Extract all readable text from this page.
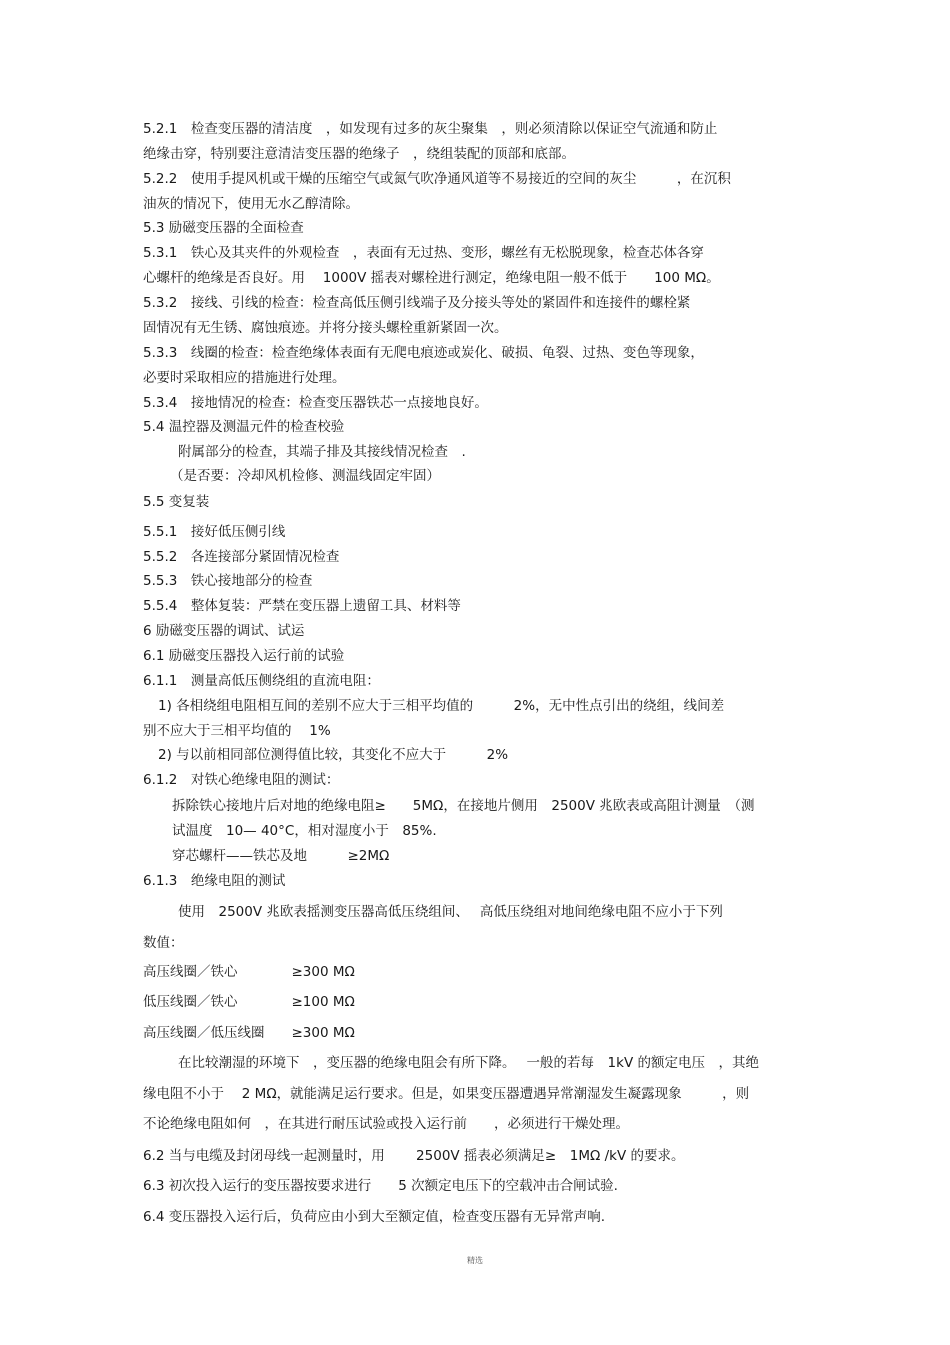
5.2.1　检查变压器的清洁度　，如发现有过多的灰尘聚集　，则必须清除以保证空气流通和防止
绝缘击穿，特别要注意清洁变压器的绝缘子　，绕组装配的顶部和底部。
5.2.2　使用手提风机或干燥的压缩空气或氮气吹净通风道等不易接近的空间的灰尘　　　，在沉积
油灰的情况下，使用无水乙醇清除。
5.3 励磁变压器的全面检查
5.3.1　铁心及其夹件的外观检查　，表面有无过热、变形，螺丝有无松脱现象，检查芯体各穿
心螺杆的绝缘是否良好。用　 1000V 摇表对螺栓进行测定，绝缘电阻一般不低于　　100 MΩ。
5.3.2　接线、引线的检查：检查高低压侧引线端子及分接头等处的紧固件和连接件的螺栓紧
固情况有无生锈、腐蚀痕迹。并将分接头螺栓重新紧固一次。
5.3.3　线圈的检查：检查绝缘体表面有无爬电痕迹或炭化、破损、龟裂、过热、变色等现象，
必要时采取相应的措施进行处理。
5.3.4　接地情况的检查：检查变压器铁芯一点接地良好。
5.4 温控器及测温元件的检查校验
附属部分的检查，其端子排及其接线情况检查　.
（是否要：冷却风机检修、测温线固定牢固）
5.5 变复装
5.5.1　接好低压侧引线
5.5.2　各连接部分紧固情况检查
5.5.3　铁心接地部分的检查
5.5.4　整体复装：严禁在变压器上遗留工具、材料等
6 励磁变压器的调试、试运
6.1 励磁变压器投入运行前的试验
6.1.1　测量高低压侧绕组的直流电阻：
1) 各相绕组电阻相互间的差别不应大于三相平均值的　　　2%，无中性点引出的绕组，线间差
别不应大于三相平均值的　 1%
2) 与以前相同部位测得值比较，其变化不应大于　　　2%
6.1.2　对铁心绝缘电阻的测试：
拆除铁心接地片后对地的绝缘电阻≥　　5MΩ，在接地片侧用　2500V 兆欧表或高阻计测量　（测
试温度　10— 40°C，相对湿度小于　85%.
穿芯螺杆——铁芯及地　　　≥2MΩ
6.1.3　绝缘电阻的测试
使用　2500V 兆欧表摇测变压器高低压绕组间、　 高低压绕组对地间绝缘电阻不应小于下列
数值：
高压线圈／铁心　　　　≥300 MΩ
低压线圈／铁心　　　　≥100 MΩ
高压线圈／低压线圈　　≥300 MΩ
在比较潮湿的环境下　，变压器的绝缘电阻会有所下降。　 一般的若每　1kV 的额定电压　，其绝
缘电阻不小于　 2 MΩ，就能满足运行要求。但是，如果变压器遭遇异常潮湿发生凝露现象　　　，则
不论绝缘电阻如何　，在其进行耐压试验或投入运行前　　，必须进行干燥处理。
6.2 当与电缆及封闭母线一起测量时，用　　 2500V 摇表必须满足≥　1MΩ /kV 的要求。
6.3 初次投入运行的变压器按要求进行　　5 次额定电压下的空载冲击合闸试验.
6.4 变压器投入运行后，负荷应由小到大至额定值，检查变压器有无异常声响.
精选
